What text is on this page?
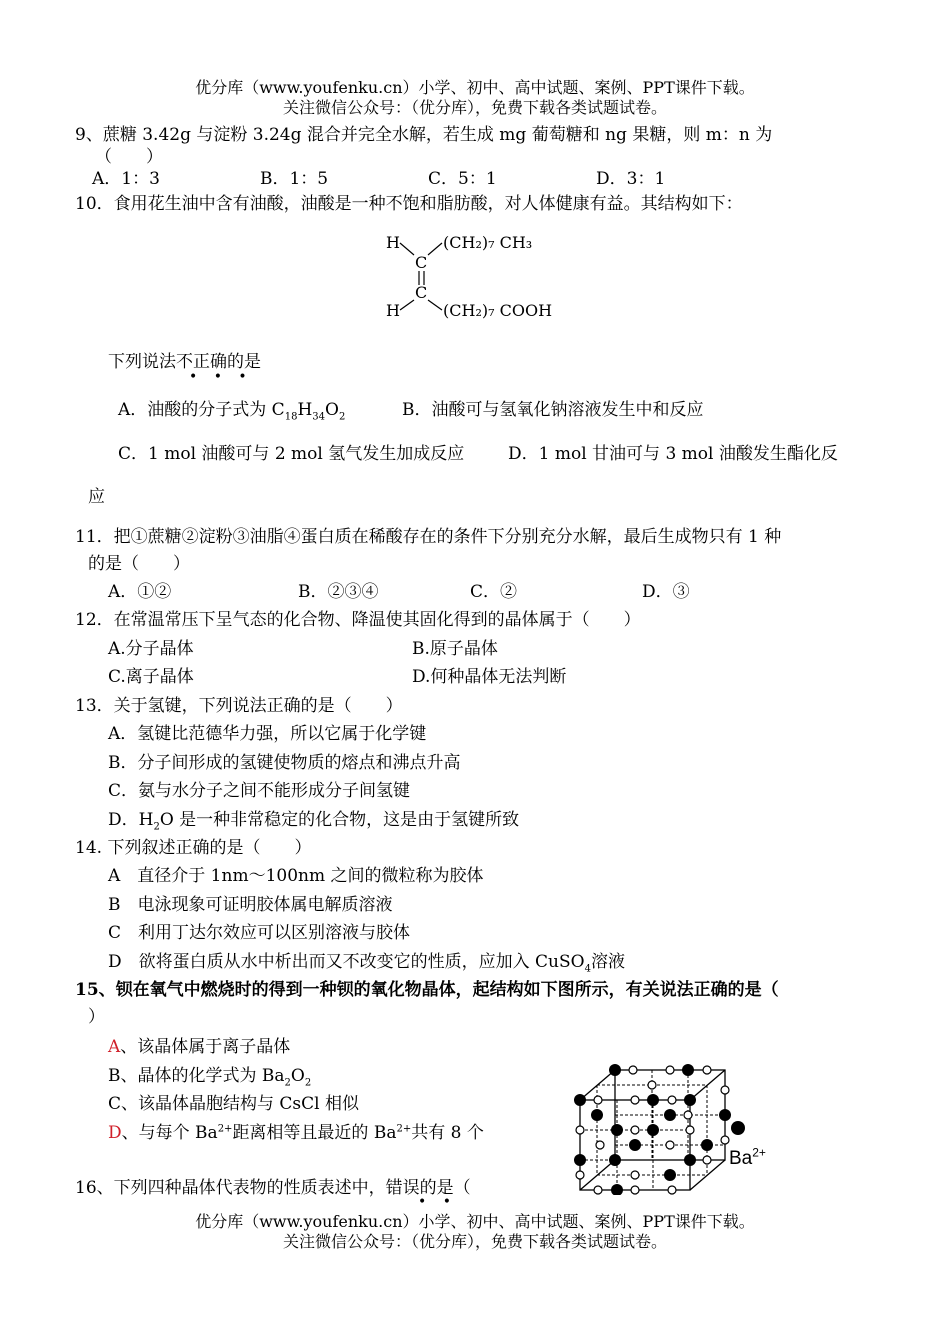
优分库（www.youfenku.cn）小学、初中、高中试题、案例、PPT课件下载。
关注微信公众号：（优分库），免费下载各类试题试卷。
9、蔗糖 3.42g 与淀粉 3.24g 混合并完全水解，若生成 mg 葡萄糖和 ng 果糖，则 m：n 为
（　　）
A．1：3	B．1：5	C．5：1	D．3：1
10．食用花生油中含有油酸，油酸是一种不饱和脂肪酸，对人体健康有益。其结构如下：
H
C
C
H
(CH₂)₇ CH₃
(CH₂)₇ COOH
下列说法不正确的是
• • •
A．油酸的分子式为 $C_{18}H_{34}O_2$	B．油酸可与氢氧化钠溶液发生中和反应
C．1 mol 油酸可与 2 mol 氢气发生加成反应	D．1 mol 甘油可与 3 mol 油酸发生酯化反
应
11．把①蔗糖②淀粉③油脂④蛋白质在稀酸存在的条件下分别充分水解，最后生成物只有 1 种
的是（　　）
A．①②	B．②③④	C．②	D．③
12．在常温常压下呈气态的化合物、降温使其固化得到的晶体属于（　　）
A.分子晶体	B.原子晶体
C.离子晶体	D.何种晶体无法判断
13．关于氢键，下列说法正确的是（　　）
A．氢键比范德华力强，所以它属于化学键
B．分子间形成的氢键使物质的熔点和沸点升高
C．氨与水分子之间不能形成分子间氢键
D．$H_2O$ 是一种非常稳定的化合物，这是由于氢键所致
14. 下列叙述正确的是（　　）
A　直径介于 1nm～100nm 之间的微粒称为胶体
B　电泳现象可证明胶体属电解质溶液
C　利用丁达尔效应可以区别溶液与胶体
D　欲将蛋白质从水中析出而又不改变它的性质，应加入 CuSO$_4$溶液
15、钡在氧气中燃烧时的得到一种钡的氧化物晶体，起结构如下图所示，有关说法正确的是（
）
A、该晶体属于离子晶体
B、晶体的化学式为 $Ba_2O_2$
C、该晶体晶胞结构与 CsCl 相似
D、与每个 $Ba^{2+}$距离相等且最近的 $Ba^{2+}$共有 8 个
$Ba^{2+}$
16、下列四种晶体代表物的性质表述中，错误的是（
• •
优分库（www.youfenku.cn）小学、初中、高中试题、案例、PPT课件下载。
关注微信公众号：（优分库），免费下载各类试题试卷。
